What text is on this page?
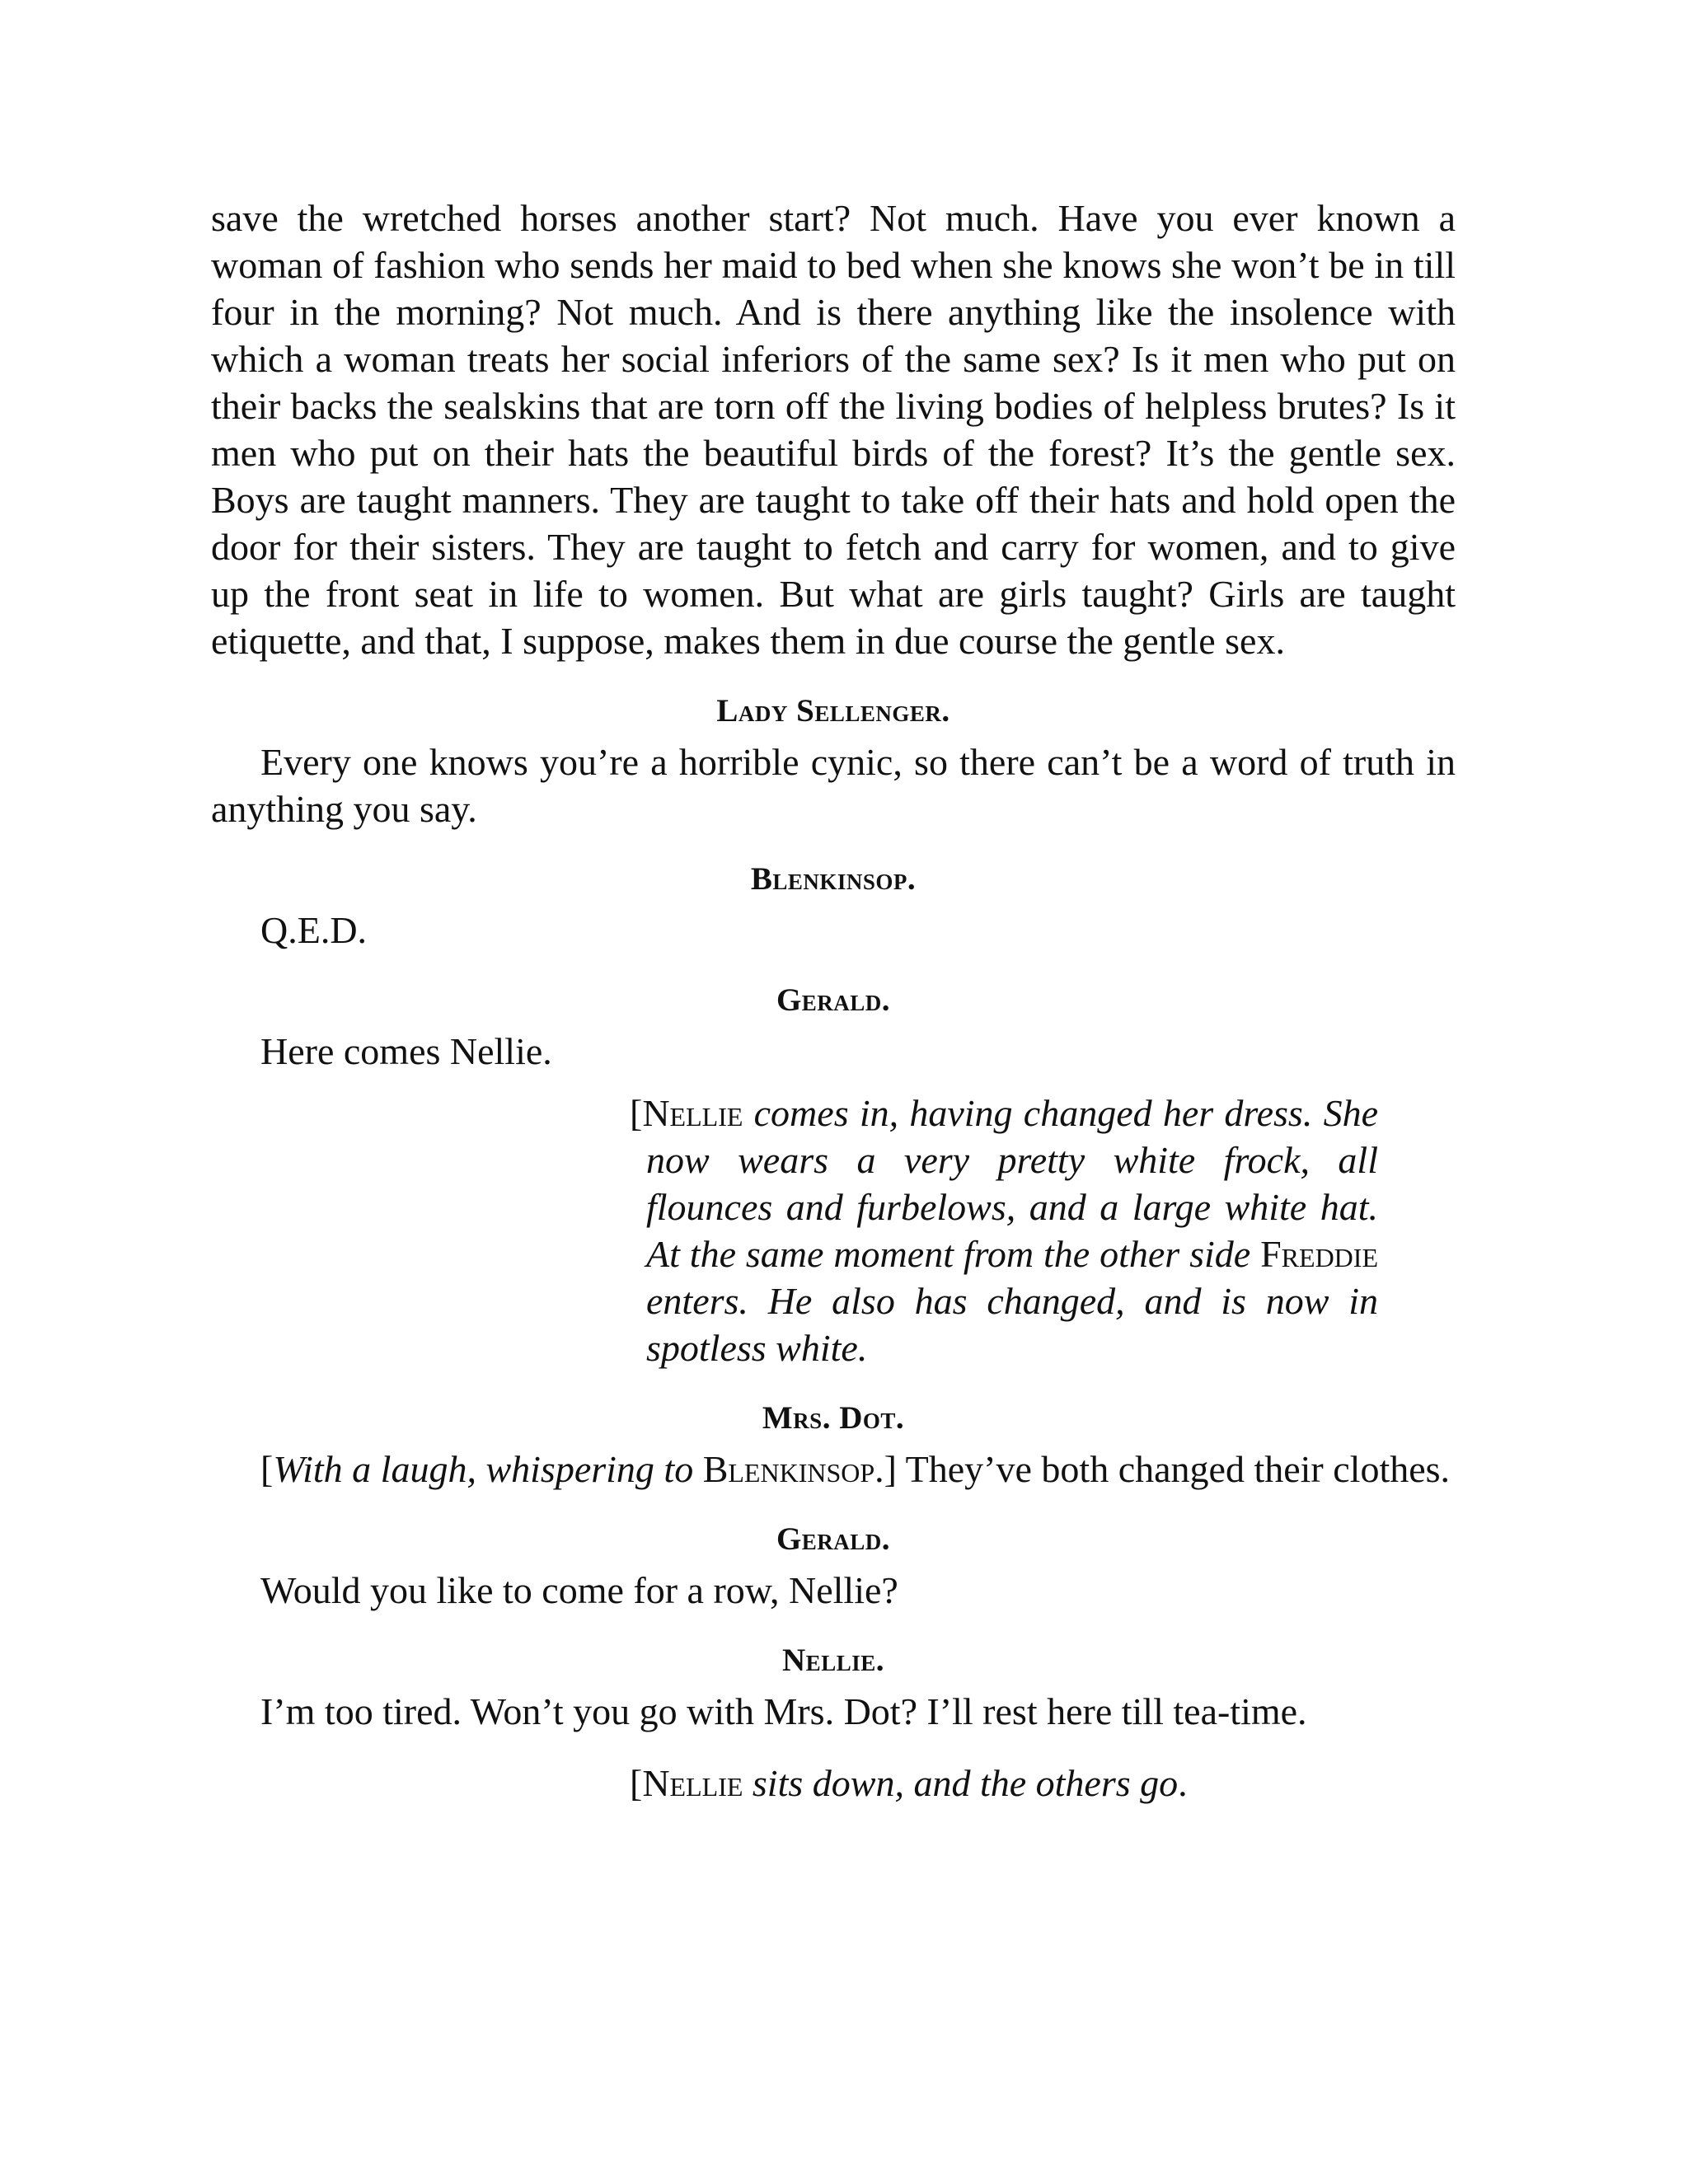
save the wretched horses another start? Not much. Have you ever known a woman of fashion who sends her maid to bed when she knows she won’t be in till four in the morning? Not much. And is there anything like the insolence with which a woman treats her social inferiors of the same sex? Is it men who put on their backs the sealskins that are torn off the living bodies of helpless brutes? Is it men who put on their hats the beautiful birds of the forest? It’s the gentle sex. Boys are taught manners. They are taught to take off their hats and hold open the door for their sisters. They are taught to fetch and carry for women, and to give up the front seat in life to women. But what are girls taught? Girls are taught etiquette, and that, I suppose, makes them in due course the gentle sex.

Lady Sellenger.

Every one knows you’re a horrible cynic, so there can’t be a word of truth in anything you say.

Blenkinsop.

Q.E.D.

Gerald.

Here comes Nellie.

[Nellie comes in, having changed her dress. She now wears a very pretty white frock, all flounces and furbelows, and a large white hat. At the same moment from the other side Freddie enters. He also has changed, and is now in spotless white.

Mrs. Dot.

[With a laugh, whispering to Blenkinsop.] They’ve both changed their clothes.

Gerald.

Would you like to come for a row, Nellie?

Nellie.

I’m too tired. Won’t you go with Mrs. Dot? I’ll rest here till tea-time.

[Nellie sits down, and the others go.
